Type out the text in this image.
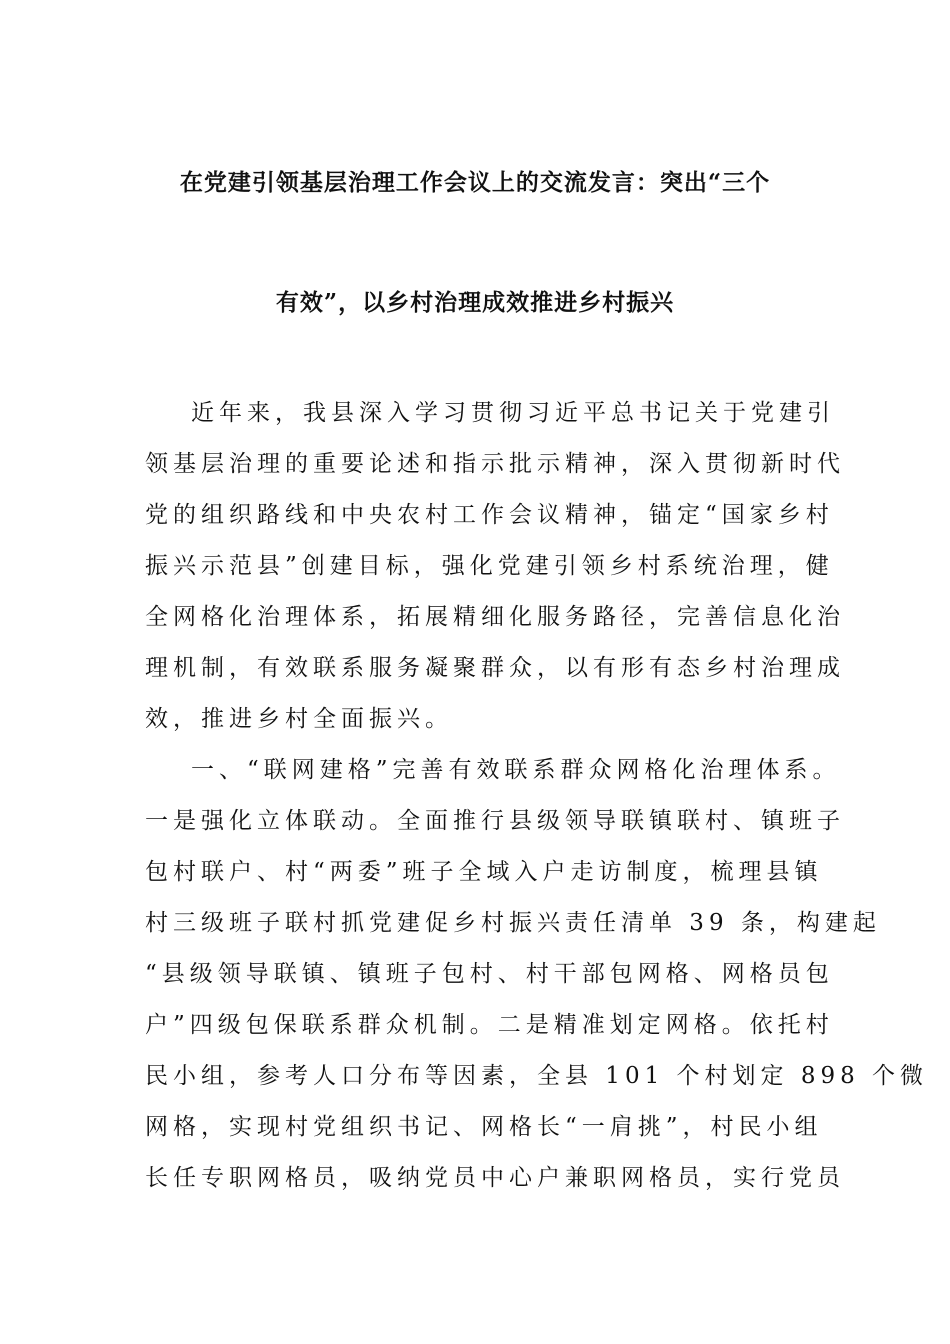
在党建引领基层治理工作会议上的交流发言：突出“三个
有效”，以乡村治理成效推进乡村振兴
近年来，我县深入学习贯彻习近平总书记关于党建引
领基层治理的重要论述和指示批示精神，深入贯彻新时代
党的组织路线和中央农村工作会议精神，锚定“国家乡村
振兴示范县”创建目标，强化党建引领乡村系统治理，健
全网格化治理体系，拓展精细化服务路径，完善信息化治
理机制，有效联系服务凝聚群众，以有形有态乡村治理成
效，推进乡村全面振兴。
一、“联网建格”完善有效联系群众网格化治理体系。
一是强化立体联动。全面推行县级领导联镇联村、镇班子
包村联户、村“两委”班子全域入户走访制度，梳理县镇
村三级班子联村抓党建促乡村振兴责任清单 39 条，构建起
“县级领导联镇、镇班子包村、村干部包网格、网格员包
户”四级包保联系群众机制。二是精准划定网格。依托村
民小组，参考人口分布等因素，全县 101 个村划定 898 个微
网格，实现村党组织书记、网格长“一肩挑”，村民小组
长任专职网格员，吸纳党员中心户兼职网格员，实行党员
